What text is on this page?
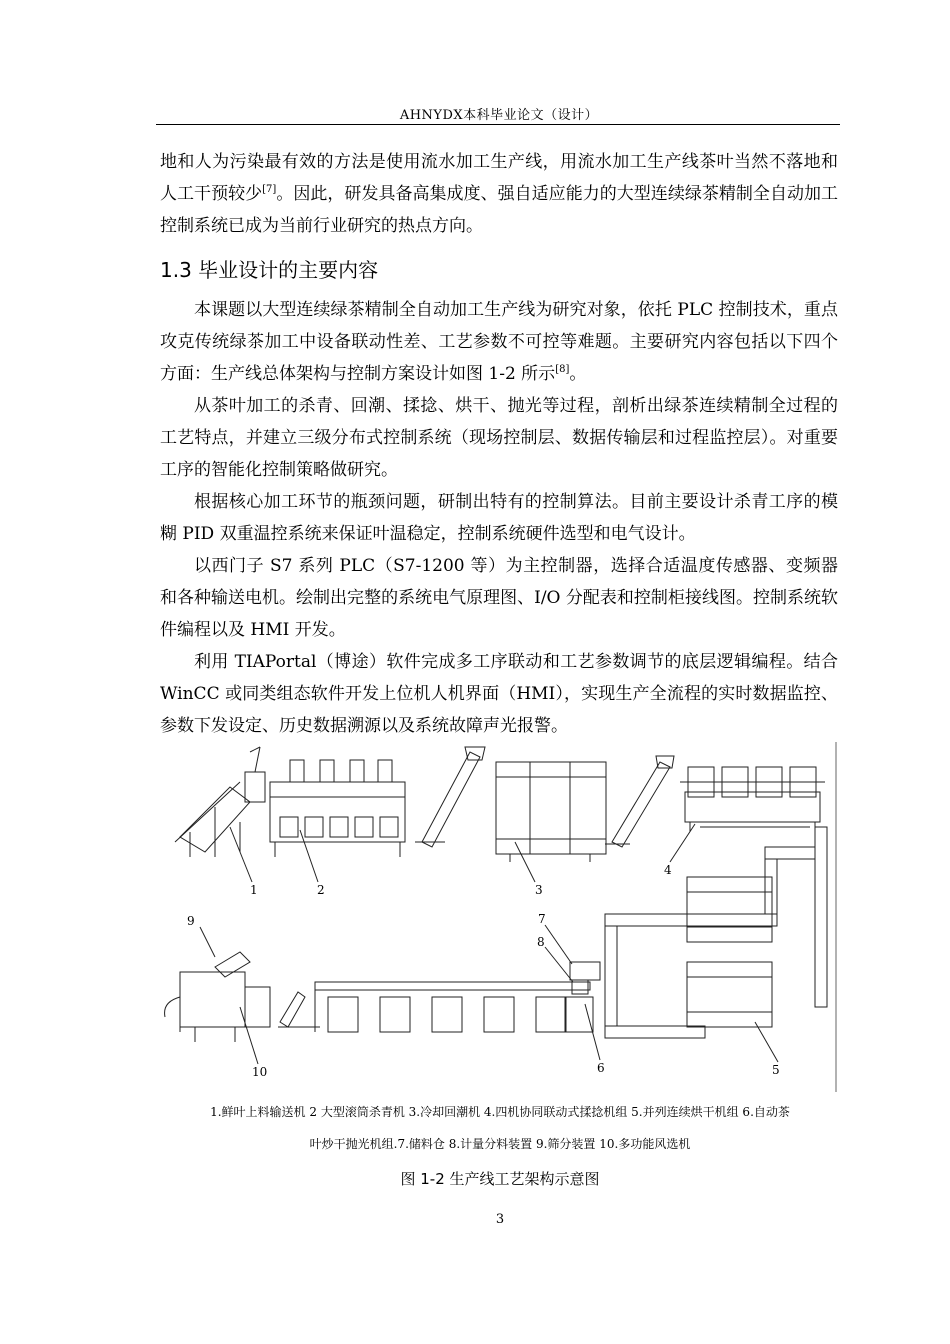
AHNYDX本科毕业论文（设计）

地和人为污染最有效的方法是使用流水加工生产线，用流水加工生产线茶叶当然不落地和人工干预较少[7]。因此，研发具备高集成度、强自适应能力的大型连续绿茶精制全自动加工控制系统已成为当前行业研究的热点方向。

1.3 毕业设计的主要内容

本课题以大型连续绿茶精制全自动加工生产线为研究对象，依托 PLC 控制技术，重点攻克传统绿茶加工中设备联动性差、工艺参数不可控等难题。主要研究内容包括以下四个方面：生产线总体架构与控制方案设计如图 1-2 所示[8]。

从茶叶加工的杀青、回潮、揉捻、烘干、抛光等过程，剖析出绿茶连续精制全过程的工艺特点，并建立三级分布式控制系统（现场控制层、数据传输层和过程监控层）。对重要工序的智能化控制策略做研究。

根据核心加工环节的瓶颈问题，研制出特有的控制算法。目前主要设计杀青工序的模糊 PID 双重温控系统来保证叶温稳定，控制系统硬件选型和电气设计。

以西门子 S7 系列 PLC（S7-1200 等）为主控制器，选择合适温度传感器、变频器和各种输送电机。绘制出完整的系统电气原理图、I/O 分配表和控制柜接线图。控制系统软件编程以及 HMI 开发。

利用 TIAPortal（博途）软件完成多工序联动和工艺参数调节的底层逻辑编程。结合 WinCC 或同类组态软件开发上位机人机界面（HMI），实现生产全流程的实时数据监控、参数下发设定、历史数据溯源以及系统故障声光报警。

1	2	3
4
5
6
7
8
9
10
1.鲜叶上料输送机 2 大型滚筒杀青机 3.冷却回潮机 4.四机协同联动式揉捻机组 5.并列连续烘干机组 6.自动茶
叶炒干抛光机组.7.储料仓 8.计量分料装置 9.筛分装置 10.多功能风选机
图 1-2 生产线工艺架构示意图
3
